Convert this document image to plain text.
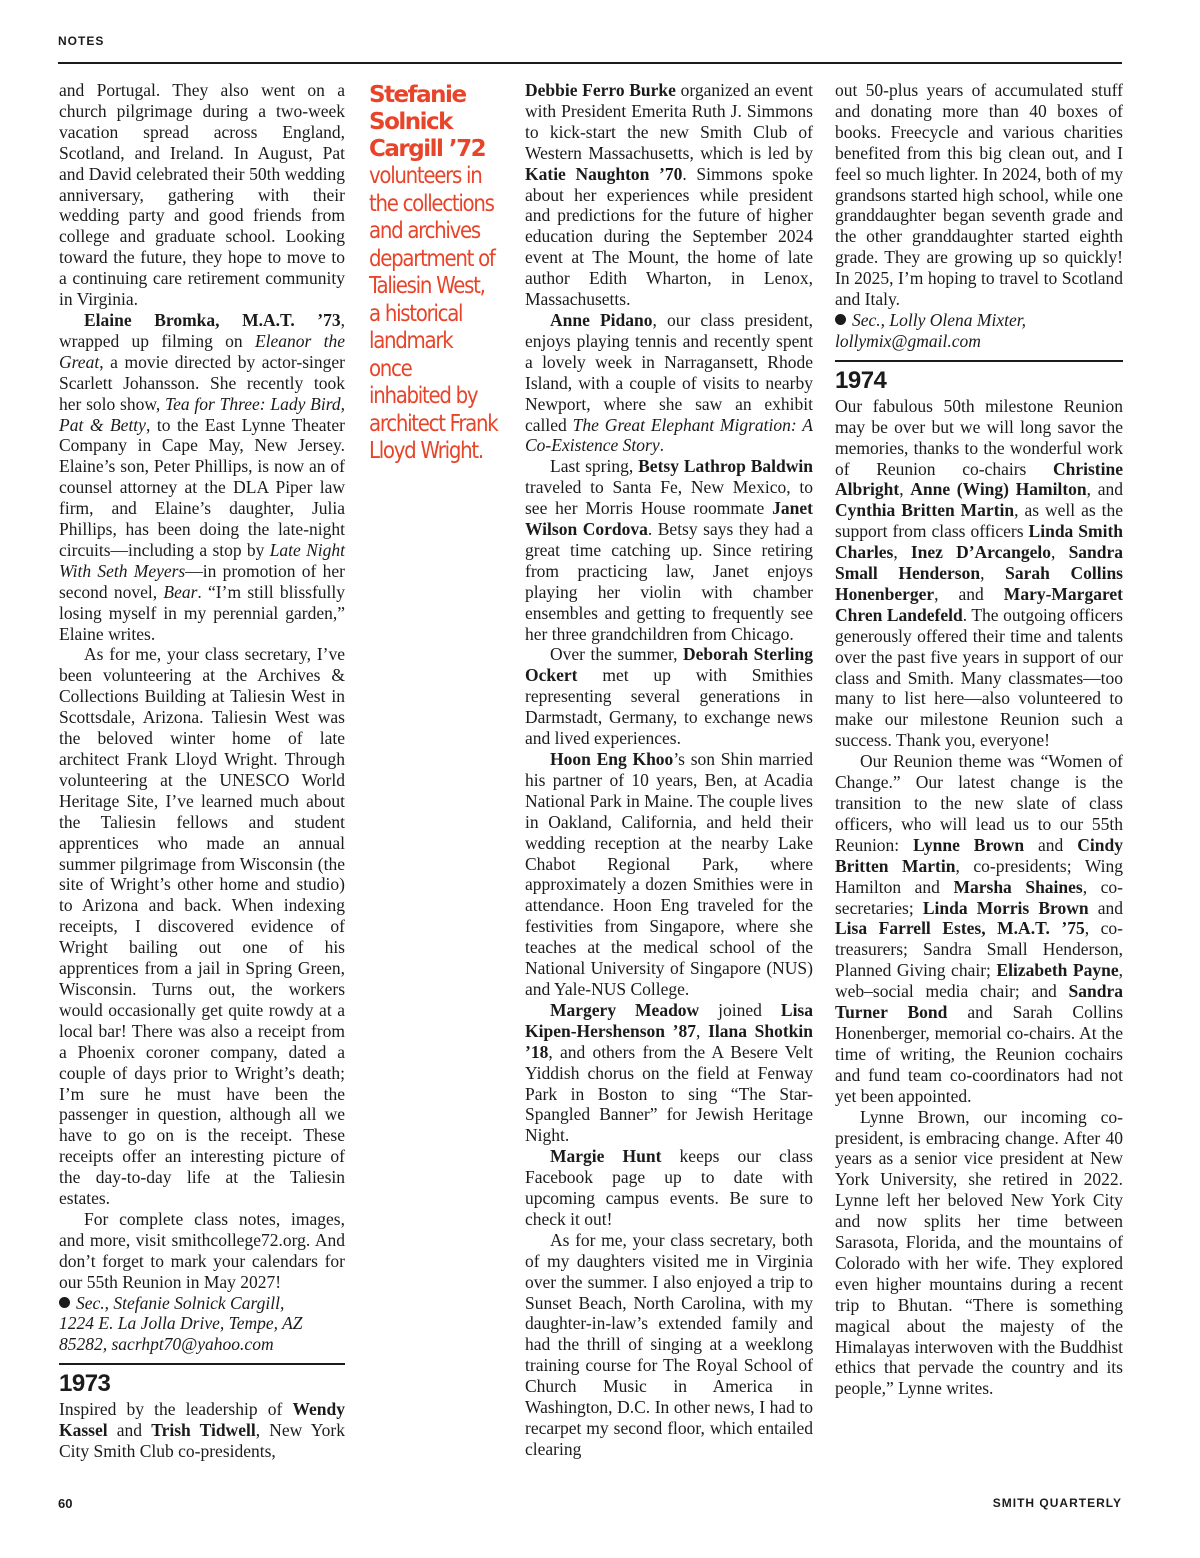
NOTES

and Portugal. They also went on a church pilgrimage during a two-week vacation spread across England, Scotland, and Ireland. In August, Pat and David celebrated their 50th wedding anniversary, gathering with their wedding party and good friends from college and graduate school. Looking toward the future, they hope to move to a continuing care retirement community in Virginia.

Elaine Bromka, M.A.T. ’73, wrapped up filming on Eleanor the Great, a movie directed by actor-singer Scarlett Johansson. She recently took her solo show, Tea for Three: Lady Bird, Pat & Betty, to the East Lynne Theater Company in Cape May, New Jersey. Elaine’s son, Peter Phillips, is now an of counsel attorney at the DLA Piper law firm, and Elaine’s daughter, Julia Phillips, has been doing the late-night circuits—including a stop by Late Night With Seth Meyers—in promotion of her second novel, Bear. “I’m still blissfully losing myself in my perennial garden,” Elaine writes.

As for me, your class secretary, I’ve been volunteering at the Archives & Collections Building at Taliesin West in Scottsdale, Arizona. Taliesin West was the beloved winter home of late architect Frank Lloyd Wright. Through volunteering at the UNESCO World Heritage Site, I’ve learned much about the Taliesin fellows and student apprentices who made an annual summer pilgrimage from Wisconsin (the site of Wright’s other home and studio) to Arizona and back. When indexing receipts, I discovered evidence of Wright bailing out one of his apprentices from a jail in Spring Green, Wisconsin. Turns out, the workers would occasionally get quite rowdy at a local bar! There was also a receipt from a Phoenix coroner company, dated a couple of days prior to Wright’s death; I’m sure he must have been the passenger in question, although all we have to go on is the receipt. These receipts offer an interesting picture of the day-to-day life at the Taliesin estates.

For complete class notes, images, and more, visit smithcollege72.org. And don’t forget to mark your calendars for our 55th Reunion in May 2027!

Sec., Stefanie Solnick Cargill,
1224 E. La Jolla Drive, Tempe, AZ
85282, sacrhpt70@yahoo.com

1973

Inspired by the leadership of Wendy Kassel and Trish Tidwell, New York City Smith Club co-presidents,

Stefanie Solnick Cargill ’72
volunteers in the collections and archives department of Taliesin West, a historical landmark once inhabited by architect Frank Lloyd Wright.

Debbie Ferro Burke organized an event with President Emerita Ruth J. Simmons to kick-start the new Smith Club of Western Massachusetts, which is led by Katie Naughton ’70. Simmons spoke about her experiences while president and predictions for the future of higher education during the September 2024 event at The Mount, the home of late author Edith Wharton, in Lenox, Massachusetts.

Anne Pidano, our class president, enjoys playing tennis and recently spent a lovely week in Narragansett, Rhode Island, with a couple of visits to nearby Newport, where she saw an exhibit called The Great Elephant Migration: A Co-Existence Story.

Last spring, Betsy Lathrop Baldwin traveled to Santa Fe, New Mexico, to see her Morris House roommate Janet Wilson Cordova. Betsy says they had a great time catching up. Since retiring from practicing law, Janet enjoys playing her violin with chamber ensembles and getting to frequently see her three grandchildren from Chicago.

Over the summer, Deborah Sterling Ockert met up with Smithies representing several generations in Darmstadt, Germany, to exchange news and lived experiences.

Hoon Eng Khoo’s son Shin married his partner of 10 years, Ben, at Acadia National Park in Maine. The couple lives in Oakland, California, and held their wedding reception at the nearby Lake Chabot Regional Park, where approximately a dozen Smithies were in attendance. Hoon Eng traveled for the festivities from Singapore, where she teaches at the medical school of the National University of Singapore (NUS) and Yale-NUS College.

Margery Meadow joined Lisa Kipen-Hershenson ’87, Ilana Shotkin ’18, and others from the A Besere Velt Yiddish chorus on the field at Fenway Park in Boston to sing “The Star-Spangled Banner” for Jewish Heritage Night.

Margie Hunt keeps our class Facebook page up to date with upcoming campus events. Be sure to check it out!

As for me, your class secretary, both of my daughters visited me in Virginia over the summer. I also enjoyed a trip to Sunset Beach, North Carolina, with my daughter-in-law’s extended family and had the thrill of singing at a weeklong training course for The Royal School of Church Music in America in Washington, D.C. In other news, I had to recarpet my second floor, which entailed clearing

out 50-plus years of accumulated stuff and donating more than 40 boxes of books. Freecycle and various charities benefited from this big clean out, and I feel so much lighter. In 2024, both of my grandsons started high school, while one granddaughter began seventh grade and the other granddaughter started eighth grade. They are growing up so quickly! In 2025, I’m hoping to travel to Scotland and Italy.

Sec., Lolly Olena Mixter,
lollymix@gmail.com

1974

Our fabulous 50th milestone Reunion may be over but we will long savor the memories, thanks to the wonderful work of Reunion co-chairs Christine Albright, Anne (Wing) Hamilton, and Cynthia Britten Martin, as well as the support from class officers Linda Smith Charles, Inez D’Arcangelo, Sandra Small Henderson, Sarah Collins Honenberger, and Mary-Margaret Chren Landefeld. The outgoing officers generously offered their time and talents over the past five years in support of our class and Smith. Many classmates—too many to list here—also volunteered to make our milestone Reunion such a success. Thank you, everyone!

Our Reunion theme was “Women of Change.” Our latest change is the transition to the new slate of class officers, who will lead us to our 55th Reunion: Lynne Brown and Cindy Britten Martin, co-presidents; Wing Hamilton and Marsha Shaines, co-secretaries; Linda Morris Brown and Lisa Farrell Estes, M.A.T. ’75, co-treasurers; Sandra Small Henderson, Planned Giving chair; Elizabeth Payne, web–social media chair; and Sandra Turner Bond and Sarah Collins Honenberger, memorial co-chairs. At the time of writing, the Reunion cochairs and fund team co-coordinators had not yet been appointed.

Lynne Brown, our incoming co-president, is embracing change. After 40 years as a senior vice president at New York University, she retired in 2022. Lynne left her beloved New York City and now splits her time between Sarasota, Florida, and the mountains of Colorado with her wife. They explored even higher mountains during a recent trip to Bhutan. “There is something magical about the majesty of the Himalayas interwoven with the Buddhist ethics that pervade the country and its people,” Lynne writes.

60	SMITH QUARTERLY
